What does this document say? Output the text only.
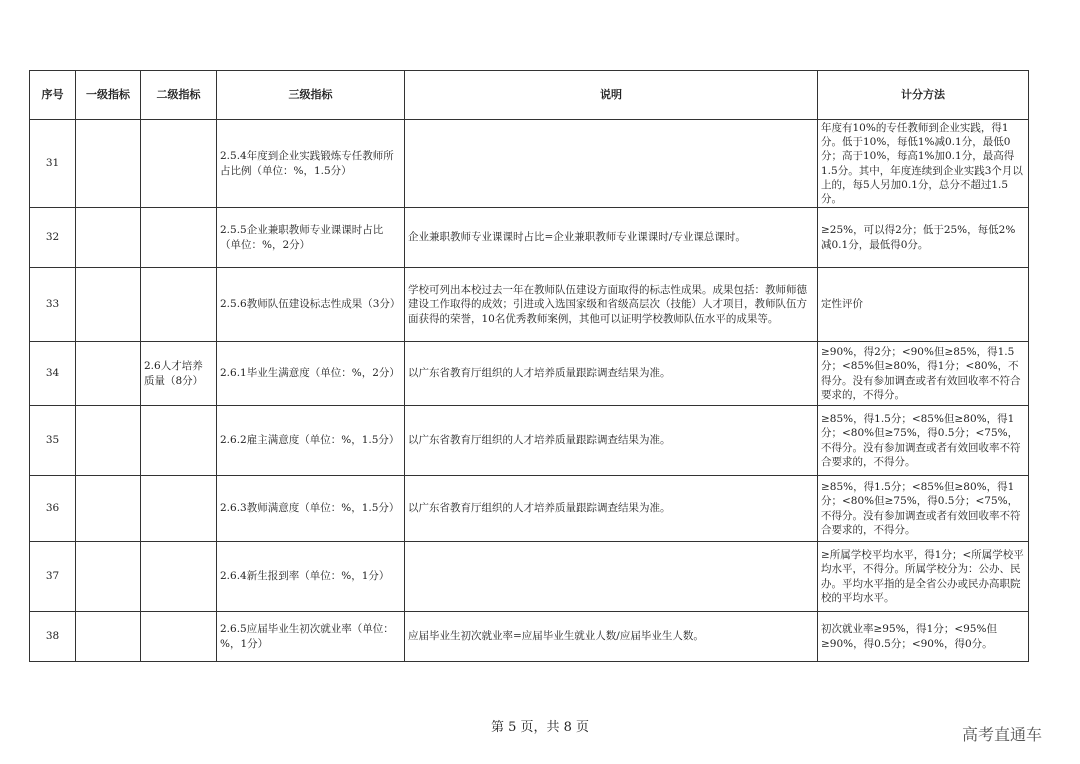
序号	一级指标	二级指标	三级指标	说明	计分方法
31			2.5.4年度到企业实践锻炼专任教师所占比例（单位：%，1.5分）		年度有10%的专任教师到企业实践，得1分。低于10%，每低1%减0.1分，最低0分；高于10%，每高1%加0.1分，最高得1.5分。其中，年度连续到企业实践3个月以上的，每5人另加0.1分，总分不超过1.5分。
32			2.5.5企业兼职教师专业课课时占比（单位：%，2分）	企业兼职教师专业课课时占比=企业兼职教师专业课课时/专业课总课时。	≥25%，可以得2分；低于25%，每低2%减0.1分，最低得0分。
33			2.5.6教师队伍建设标志性成果（3分）	学校可列出本校过去一年在教师队伍建设方面取得的标志性成果。成果包括：教师师德建设工作取得的成效；引进或入选国家级和省级高层次（技能）人才项目，教师队伍方面获得的荣誉，10名优秀教师案例，其他可以证明学校教师队伍水平的成果等。	定性评价
34		2.6人才培养质量（8分）	2.6.1毕业生满意度（单位：%，2分）	以广东省教育厅组织的人才培养质量跟踪调查结果为准。	≥90%，得2分；<90%但≥85%，得1.5分；<85%但≥80%，得1分；<80%，不得分。没有参加调查或者有效回收率不符合要求的，不得分。
35			2.6.2雇主满意度（单位：%，1.5分）	以广东省教育厅组织的人才培养质量跟踪调查结果为准。	≥85%，得1.5分；<85%但≥80%，得1分；<80%但≥75%，得0.5分；<75%，不得分。没有参加调查或者有效回收率不符合要求的，不得分。
36			2.6.3教师满意度（单位：%，1.5分）	以广东省教育厅组织的人才培养质量跟踪调查结果为准。	≥85%，得1.5分；<85%但≥80%，得1分；<80%但≥75%，得0.5分；<75%，不得分。没有参加调查或者有效回收率不符合要求的，不得分。
37			2.6.4新生报到率（单位：%，1分）		≥所属学校平均水平，得1分；<所属学校平均水平，不得分。所属学校分为：公办、民办。平均水平指的是全省公办或民办高职院校的平均水平。
38			2.6.5应届毕业生初次就业率（单位：%，1分）	应届毕业生初次就业率=应届毕业生就业人数/应届毕业生人数。	初次就业率≥95%，得1分；<95%但≥90%，得0.5分；<90%，得0分。
第 5 页，共 8 页	高考直通车
